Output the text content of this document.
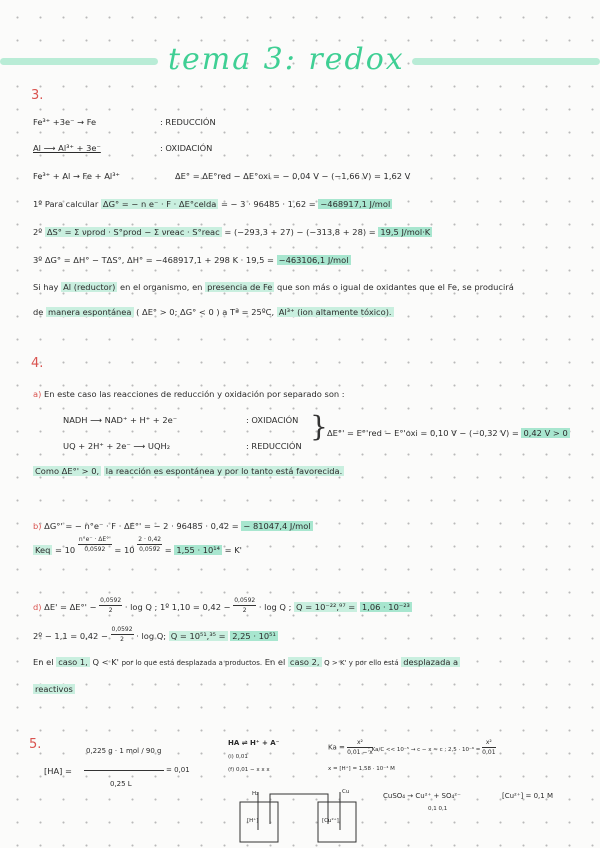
tema 3: redox
3.
Fe³⁺ +3e⁻ → Fe	: REDUCCIÓN
Al ⟶ Al³⁺ + 3e⁻	: OXIDACIÓN
Fe³⁺ + Al → Fe + Al³⁺	ΔE° = ΔE°red − ΔE°oxi = − 0,04 V − (−1,66 V) = 1,62 V
1º Para calcular ΔG° = − n e⁻ · F · ΔE°celda = − 3 · 96485 · 1,62 = −468917,1 J/mol
2º ΔS° = Σ νprod · S°prod − Σ νreac · S°reac = (−293,3 + 27) − (−313,8 + 28) = 19,5 J/mol·K
3º ΔG° = ΔH° − TΔS°, ΔH° = −468917,1 + 298 K · 19,5 = −463106,1 J/mol
Si hay Al (reductor) en el organismo, en presencia de Fe que son más o igual de oxidantes que el Fe, se producirá
de manera espontánea ( ΔE° > 0; ΔG° < 0 ) a Tª = 25ºC, Al³⁺ (ion altamente tóxico).
4.
a) En este caso las reacciones de reducción y oxidación por separado son :
NADH ⟶ NAD⁺ + H⁺ + 2e⁻	: OXIDACIÓN
UQ + 2H⁺ + 2e⁻ ⟶ UQH₂	: REDUCCIÓN
} ΔE°' = E°'red − E°'oxi = 0,10 V − (−0,32 V) = 0,42 V > 0
Como ΔE°' > 0, la reacción es espontánea y por lo tanto está favorecida.
b) ΔG°' = − n°e⁻ · F · ΔE°' = − 2 · 96485 · 0,42 = − 81047,4 J/mol
Keq = $10 \frac{n^\circ e^- \cdot \Delta E^\circ'}{0,0592} = 10 \frac{2 \cdot 0,42}{0,0592} = 1,55 \cdot 10^{14} = K'$
d) $\Delta E' = \Delta E^\circ' - \frac{0,0592}{2} \cdot \log Q$ ; 1º $1,10 = 0,42 - \frac{0,0592}{2} \cdot \log Q$ ; Q = 10⁻²²,⁹⁷ = 1,06 · 10⁻²³
2º − $1,1 = 0,42 - \frac{0,0592}{2} \cdot \log Q$; Q = 10⁵¹,³⁵ = 2,25 · 10⁵¹
En el caso 1, Q < K' por lo que está desplazada a productos. En el caso 2, Q > K' y por ello está desplazada a
reactivos
5.
[HA] =
0,225 g · 1 mol / 90 g
0,25 L
= 0,01
HA ⇌ H⁺ + A⁻
(i) 0,01
(f) 0,01 − x x x
$Ka = \frac{\text{x²}}{0,01 - x}$
; Ka/C << 10⁻⁵ → c − x ≈ c ; $2,5 \cdot 10^{-6} = \frac{\text{x²}}{0,01}$
x = [H⁺] = 1,58 · 10⁻⁴ M
H₂	Cu
[H⁺]	[Cu²⁺]
CuSO₄ → Cu²⁺ + SO₄²⁻
0,1 0,1
[Cu²⁺] = 0,1 M
